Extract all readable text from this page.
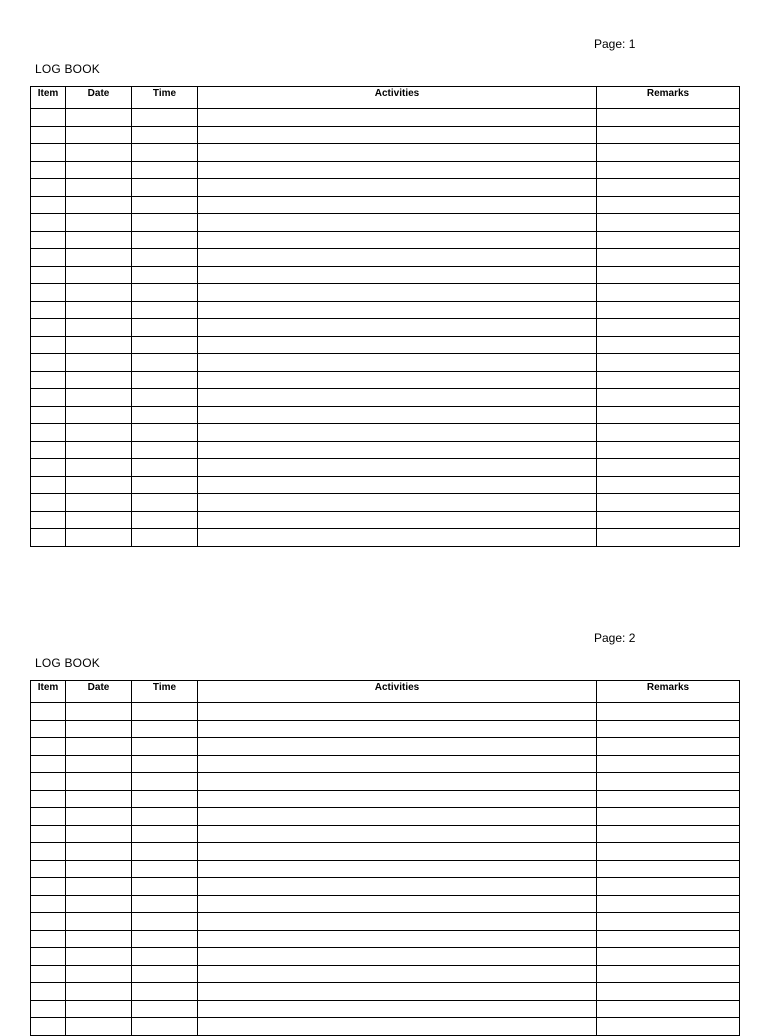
Page: 1
LOG BOOK
Item	Date	Time	Activities	Remarks

Page: 2
LOG BOOK
Item	Date	Time	Activities	Remarks
